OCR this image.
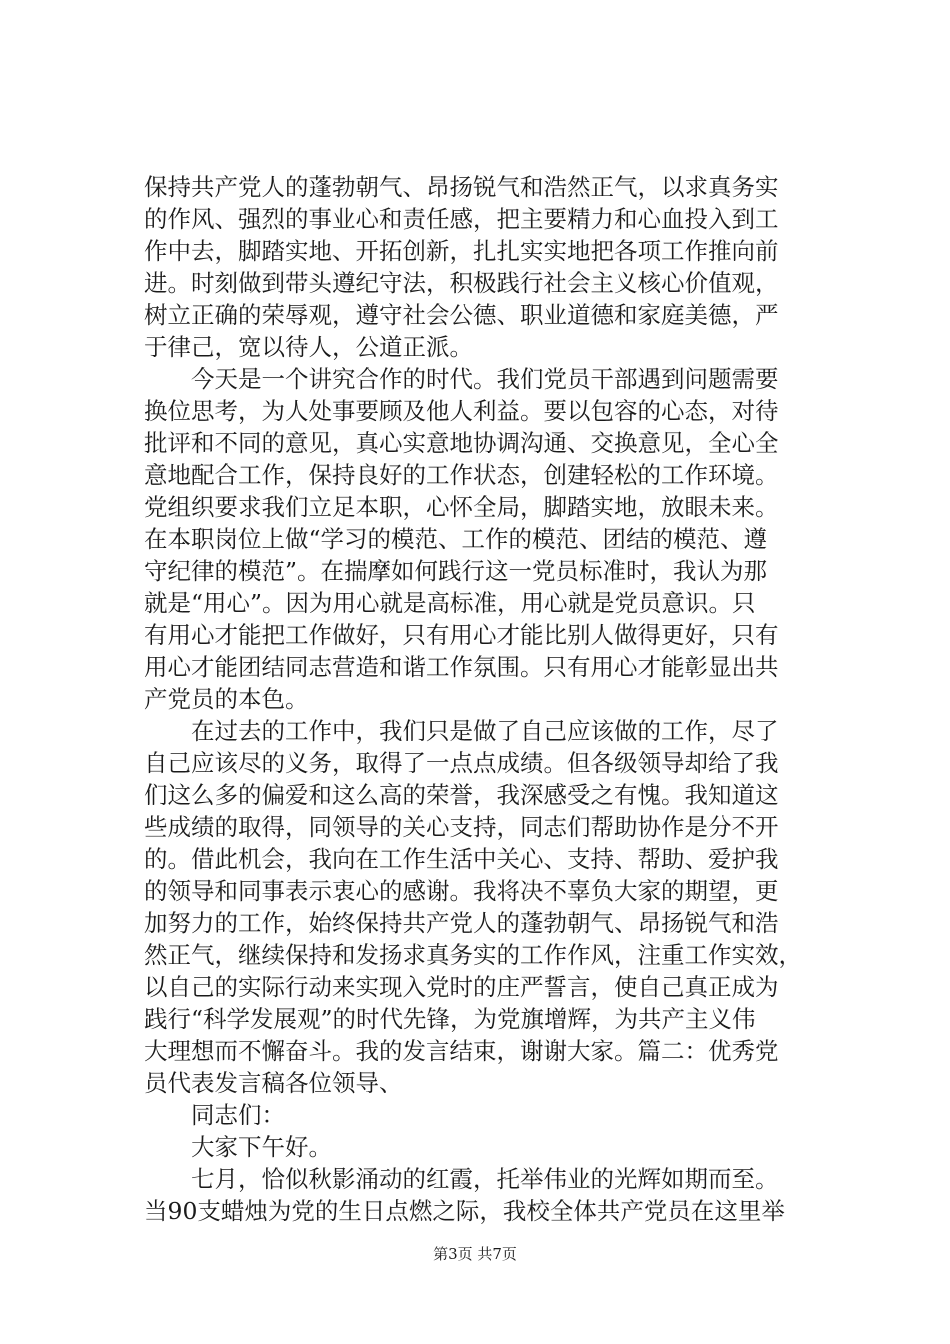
保持共产党人的蓬勃朝气、昂扬锐气和浩然正气，以求真务实
的作风、强烈的事业心和责任感，把主要精力和心血投入到工
作中去，脚踏实地、开拓创新，扎扎实实地把各项工作推向前
进。时刻做到带头遵纪守法，积极践行社会主义核心价值观，
树立正确的荣辱观，遵守社会公德、职业道德和家庭美德，严
于律己，宽以待人，公道正派。
今天是一个讲究合作的时代。我们党员干部遇到问题需要
换位思考，为人处事要顾及他人利益。要以包容的心态，对待
批评和不同的意见，真心实意地协调沟通、交换意见，全心全
意地配合工作，保持良好的工作状态，创建轻松的工作环境。
党组织要求我们立足本职，心怀全局，脚踏实地，放眼未来。
在本职岗位上做“学习的模范、工作的模范、团结的模范、遵
守纪律的模范”。在揣摩如何践行这一党员标准时，我认为那
就是“用心”。因为用心就是高标准，用心就是党员意识。只
有用心才能把工作做好，只有用心才能比别人做得更好，只有
用心才能团结同志营造和谐工作氛围。只有用心才能彰显出共
产党员的本色。
在过去的工作中，我们只是做了自己应该做的工作，尽了
自己应该尽的义务，取得了一点点成绩。但各级领导却给了我
们这么多的偏爱和这么高的荣誉，我深感受之有愧。我知道这
些成绩的取得，同领导的关心支持，同志们帮助协作是分不开
的。借此机会，我向在工作生活中关心、支持、帮助、爱护我
的领导和同事表示衷心的感谢。我将决不辜负大家的期望，更
加努力的工作，始终保持共产党人的蓬勃朝气、昂扬锐气和浩
然正气，继续保持和发扬求真务实的工作作风，注重工作实效，
以自己的实际行动来实现入党时的庄严誓言，使自己真正成为
践行“科学发展观”的时代先锋，为党旗增辉，为共产主义伟
大理想而不懈奋斗。我的发言结束，谢谢大家。篇二：优秀党
员代表发言稿各位领导、
同志们：
大家下午好。
七月，恰似秋影涌动的红霞，托举伟业的光辉如期而至。
当90支蜡烛为党的生日点燃之际，我校全体共产党员在这里举
第3页 共7页
